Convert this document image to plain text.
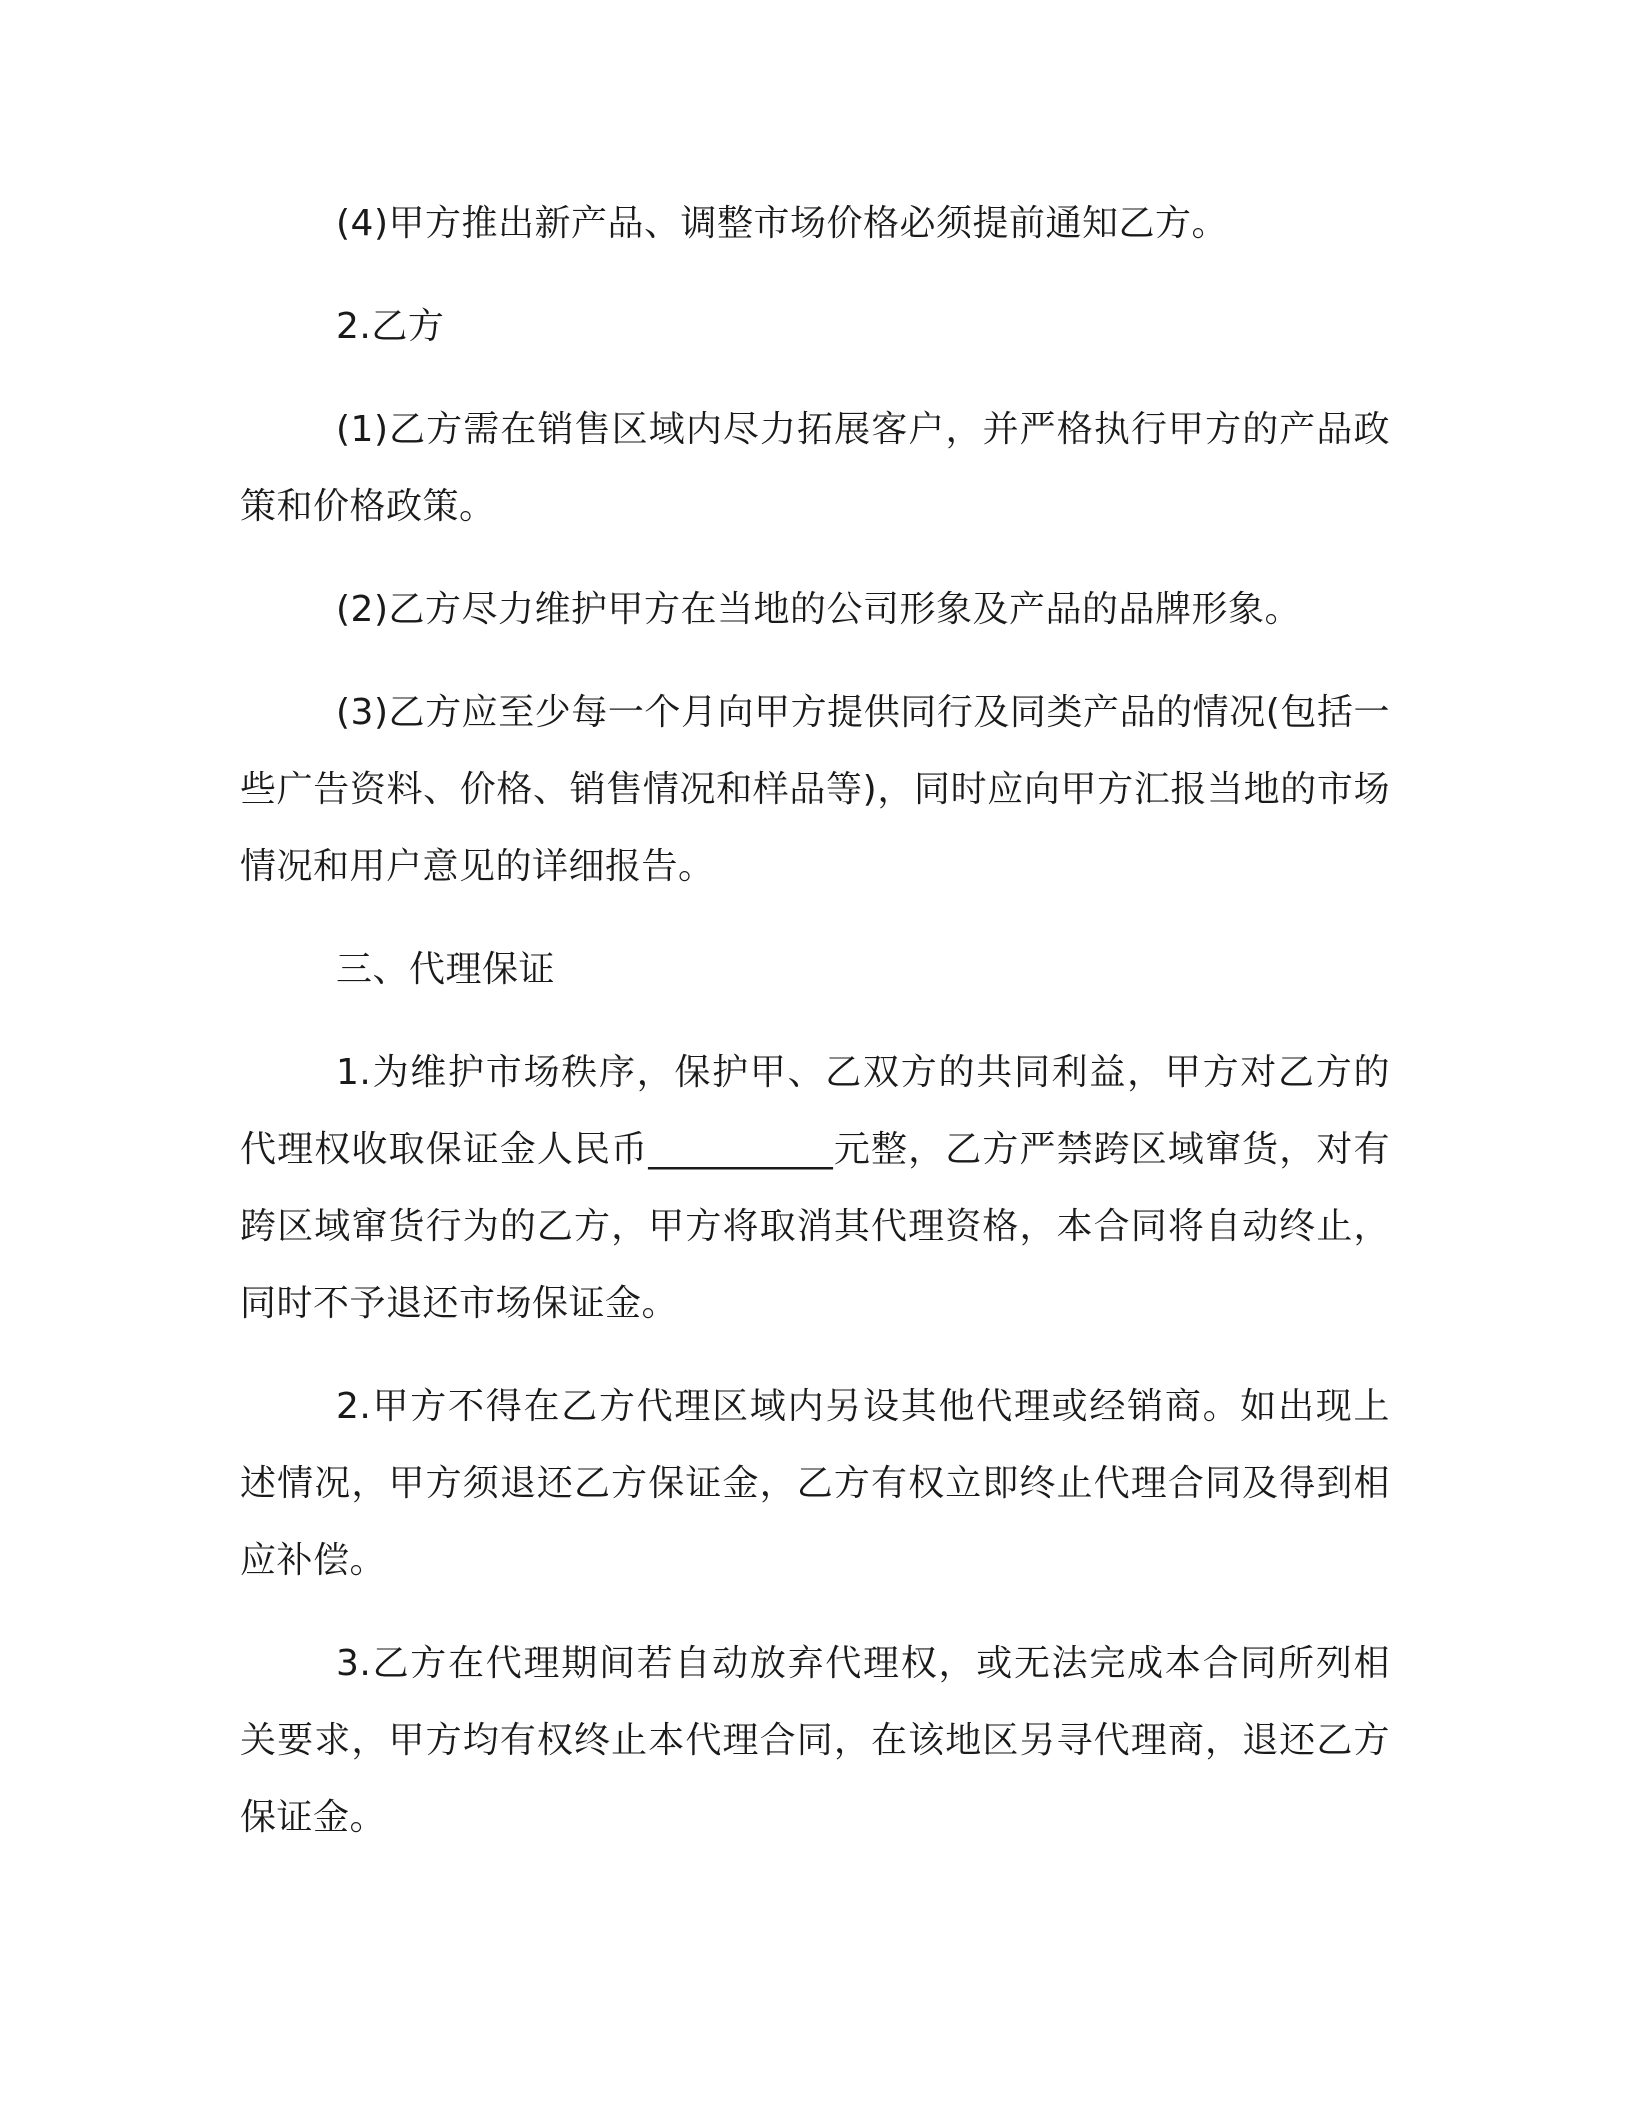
(4)甲方推出新产品、调整市场价格必须提前通知乙方。

2.乙方

(1)乙方需在销售区域内尽力拓展客户，并严格执行甲方的产品政策和价格政策。

(2)乙方尽力维护甲方在当地的公司形象及产品的品牌形象。

(3)乙方应至少每一个月向甲方提供同行及同类产品的情况(包括一些广告资料、价格、销售情况和样品等)，同时应向甲方汇报当地的市场情况和用户意见的详细报告。

三、代理保证

1.为维护市场秩序，保护甲、乙双方的共同利益，甲方对乙方的代理权收取保证金人民币__________元整，乙方严禁跨区域窜货，对有跨区域窜货行为的乙方，甲方将取消其代理资格，本合同将自动终止，同时不予退还市场保证金。

2.甲方不得在乙方代理区域内另设其他代理或经销商。如出现上述情况，甲方须退还乙方保证金，乙方有权立即终止代理合同及得到相应补偿。

3.乙方在代理期间若自动放弃代理权，或无法完成本合同所列相关要求，甲方均有权终止本代理合同，在该地区另寻代理商，退还乙方保证金。
